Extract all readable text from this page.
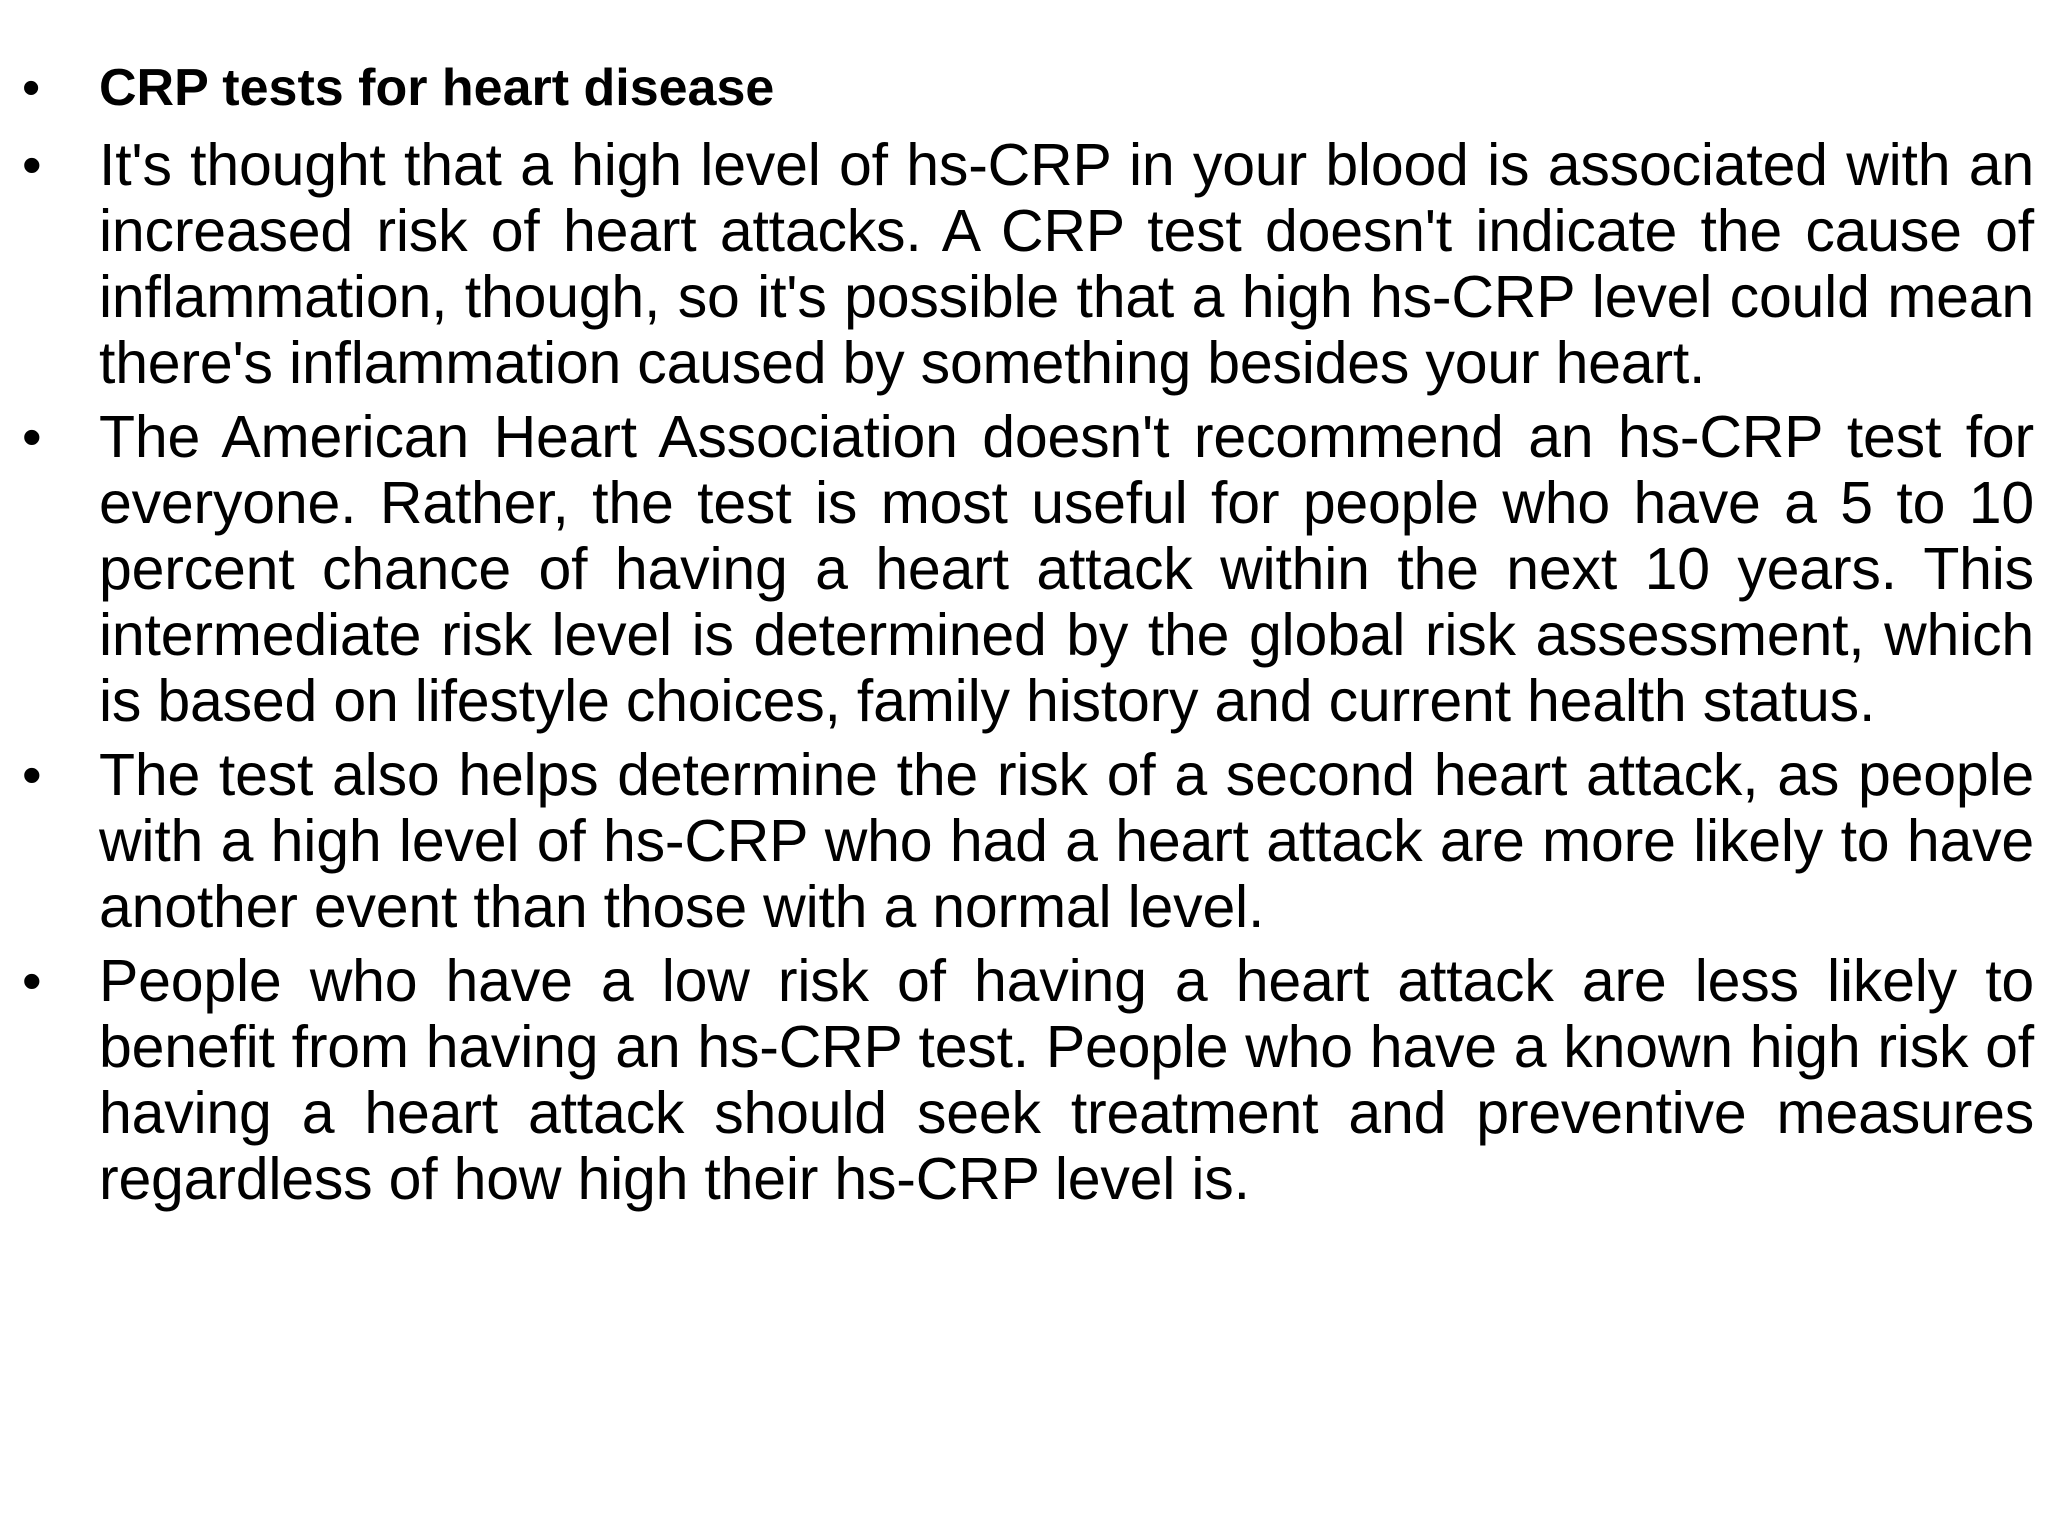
•	CRP tests for heart disease
• It's thought that a high level of hs-CRP in your blood is associated with an increased risk of heart attacks. A CRP test doesn't indicate the cause of inflammation, though, so it's possible that a high hs-CRP level could mean there's inflammation caused by something besides your heart.
• The American Heart Association doesn't recommend an hs-CRP test for everyone. Rather, the test is most useful for people who have a 5 to 10 percent chance of having a heart attack within the next 10 years. This intermediate risk level is determined by the global risk assessment, which is based on lifestyle choices, family history and current health status.
• The test also helps determine the risk of a second heart attack, as people with a high level of hs-CRP who had a heart attack are more likely to have another event than those with a normal level.
• People who have a low risk of having a heart attack are less likely to benefit from having an hs-CRP test. People who have a known high risk of having a heart attack should seek treatment and preventive measures regardless of how high their hs-CRP level is.
